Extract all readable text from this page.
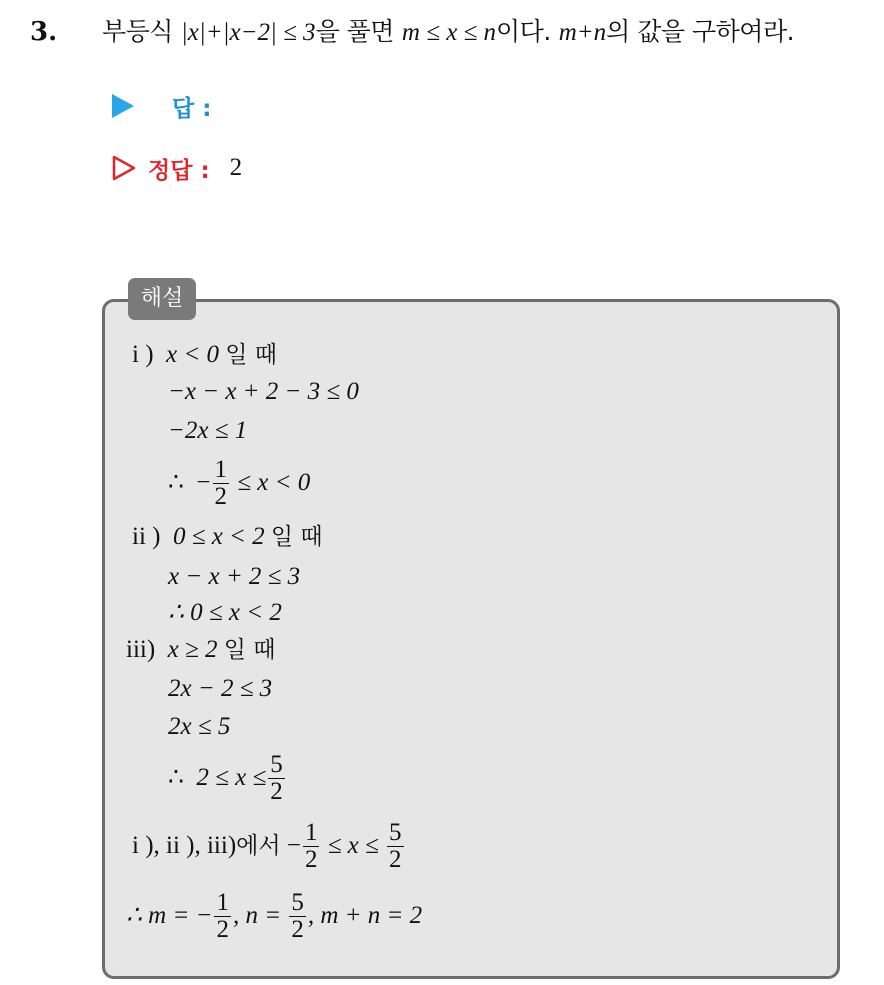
3. 부등식 |x|+|x−2| ≤ 3을 풀면 m ≤ x ≤ n이다. m+n의 값을 구하여라.
답 :
정답 : 2
해설
i ) x < 0 일 때
−x − x + 2 − 3 ≤ 0
−2x ≤ 1
∴
− $\frac{1}{2}$
≤ x < 0
ii ) 0 ≤ x < 2 일 때
x − x + 2 ≤ 3
∴ 0 ≤ x < 2
iii) x ≥ 2 일 때
2x − 2 ≤ 3
2x ≤ 5
∴
$2 \le x \le \frac{5}{2}$
i ), ii ), iii) 에서
− $\frac{1}{2}$
≤ x ≤
$\frac{5}{2}$
∴ m = − $\frac{1}{2}$ , n =
$\frac{5}{2}$ , m + n = 2
